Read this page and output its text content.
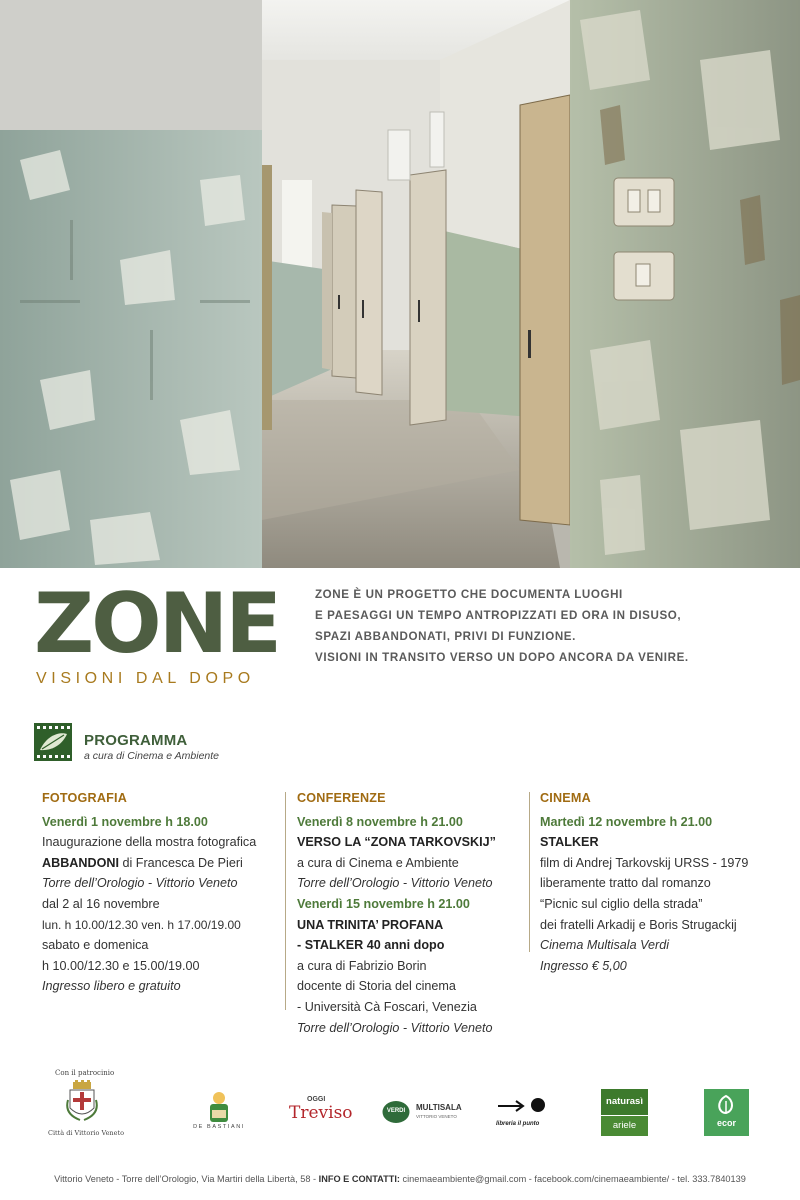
ZONE

VISIONI DAL DOPO

ZONE È UN PROGETTO CHE DOCUMENTA LUOGHI
E PAESAGGI UN TEMPO ANTROPIZZATI ED ORA IN DISUSO,
SPAZI ABBANDONATI, PRIVI DI FUNZIONE.
VISIONI IN TRANSITO VERSO UN DOPO ANCORA DA VENIRE.

PROGRAMMA
a cura di Cinema e Ambiente
FOTOGRAFIA
Venerdì 1 novembre h 18.00
Inaugurazione della mostra fotografica
ABBANDONI di Francesca De Pieri
Torre dell’Orologio - Vittorio Veneto
dal 2 al 16 novembre
lun. h 10.00/12.30 ven. h 17.00/19.00
sabato e domenica
h 10.00/12.30 e 15.00/19.00
Ingresso libero e gratuito
CONFERENZE
Venerdì 8 novembre h 21.00
VERSO LA “ZONA TARKOVSKIJ”
a cura di Cinema e Ambiente
Torre dell’Orologio - Vittorio Veneto
Venerdì 15 novembre h 21.00
UNA TRINITA’ PROFANA
- STALKER 40 anni dopo
a cura di Fabrizio Borin
docente di Storia del cinema
- Università Cà Foscari, Venezia
Torre dell’Orologio - Vittorio Veneto
CINEMA
Martedì 12 novembre h 21.00
STALKER
film di Andrej Tarkovskij URSS - 1979
liberamente tratto dal romanzo
“Picnic sul ciglio della strada”
dei fratelli Arkadij e Boris Strugackij
Cinema Multisala Verdi
Ingresso € 5,00
Con il patrocinio
Città di Vittorio Veneto
DE BASTIANI
OGGI
Treviso	VERDI	MULTISALA
VITTORIO VENETO
libreria il punto
naturasì
ariele	ecor
Vittorio Veneto - Torre dell’Orologio, Via Martiri della Libertà, 58 - INFO E CONTATTI: cinemaeambiente@gmail.com - facebook.com/cinemaeambiente/ - tel. 333.7840139
